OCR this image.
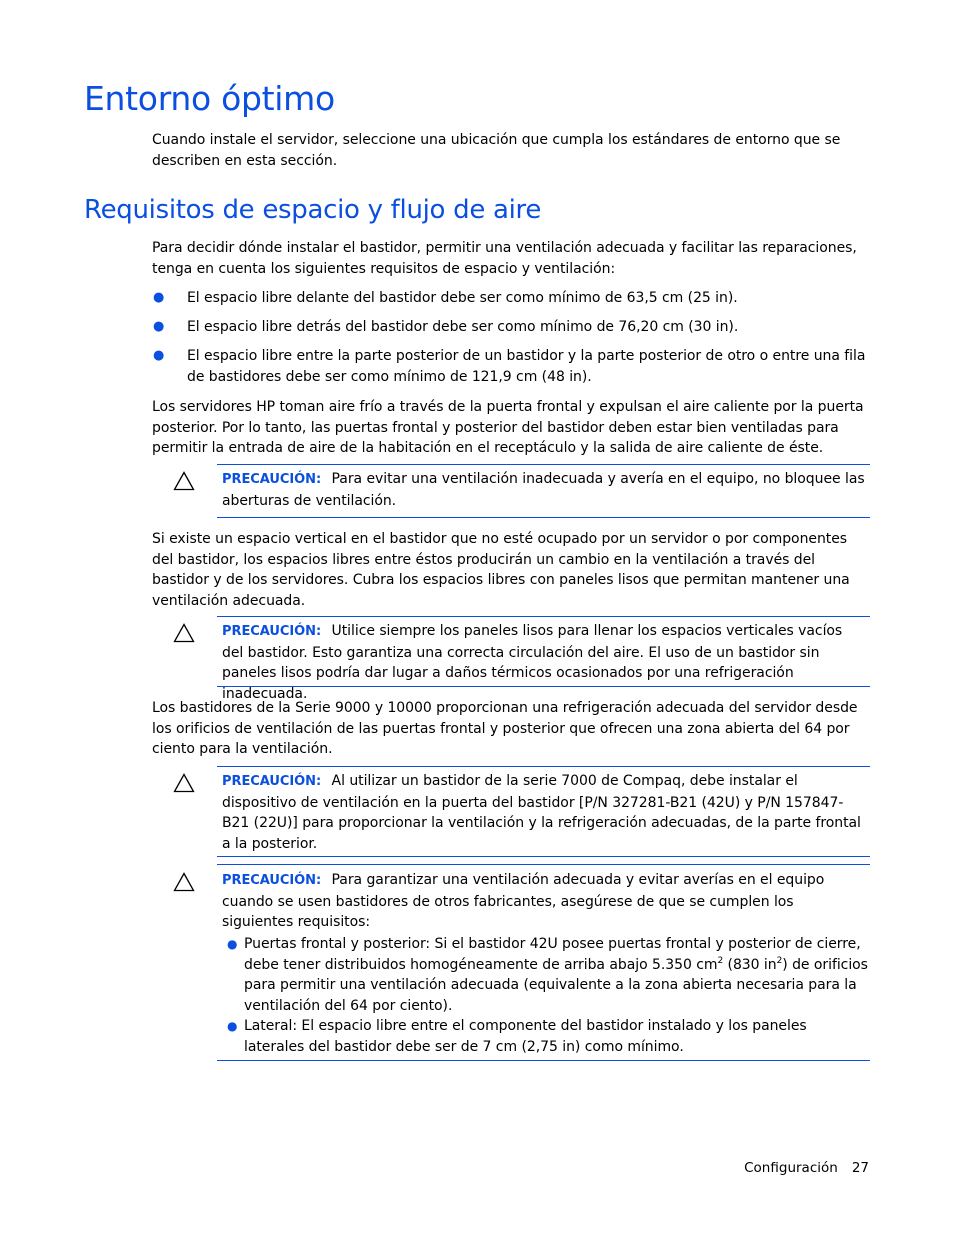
Entorno óptimo

Cuando instale el servidor, seleccione una ubicación que cumpla los estándares de entorno que se describen en esta sección.

Requisitos de espacio y flujo de aire

Para decidir dónde instalar el bastidor, permitir una ventilación adecuada y facilitar las reparaciones, tenga en cuenta los siguientes requisitos de espacio y ventilación:

● El espacio libre delante del bastidor debe ser como mínimo de 63,5 cm (25 in).
● El espacio libre detrás del bastidor debe ser como mínimo de 76,20 cm (30 in).
● El espacio libre entre la parte posterior de un bastidor y la parte posterior de otro o entre una fila de bastidores debe ser como mínimo de 121,9 cm (48 in).

Los servidores HP toman aire frío a través de la puerta frontal y expulsan el aire caliente por la puerta posterior. Por lo tanto, las puertas frontal y posterior del bastidor deben estar bien ventiladas para permitir la entrada de aire de la habitación en el receptáculo y la salida de aire caliente de éste.

PRECAUCIÓN: Para evitar una ventilación inadecuada y avería en el equipo, no bloquee las aberturas de ventilación.

Si existe un espacio vertical en el bastidor que no esté ocupado por un servidor o por componentes del bastidor, los espacios libres entre éstos producirán un cambio en la ventilación a través del bastidor y de los servidores. Cubra los espacios libres con paneles lisos que permitan mantener una ventilación adecuada.

PRECAUCIÓN: Utilice siempre los paneles lisos para llenar los espacios verticales vacíos del bastidor. Esto garantiza una correcta circulación del aire. El uso de un bastidor sin paneles lisos podría dar lugar a daños térmicos ocasionados por una refrigeración inadecuada.

Los bastidores de la Serie 9000 y 10000 proporcionan una refrigeración adecuada del servidor desde los orificios de ventilación de las puertas frontal y posterior que ofrecen una zona abierta del 64 por ciento para la ventilación.

PRECAUCIÓN: Al utilizar un bastidor de la serie 7000 de Compaq, debe instalar el dispositivo de ventilación en la puerta del bastidor [P/N 327281-B21 (42U) y P/N 157847-B21 (22U)] para proporcionar la ventilación y la refrigeración adecuadas, de la parte frontal a la posterior.
PRECAUCIÓN: Para garantizar una ventilación adecuada y evitar averías en el equipo cuando se usen bastidores de otros fabricantes, asegúrese de que se cumplen los siguientes requisitos:
● Puertas frontal y posterior: Si el bastidor 42U posee puertas frontal y posterior de cierre, debe tener distribuidos homogéneamente de arriba abajo 5.350 $cm^2$ (830 $in^2$) de orificios para permitir una ventilación adecuada (equivalente a la zona abierta necesaria para la ventilación del 64 por ciento).
● Lateral: El espacio libre entre el componente del bastidor instalado y los paneles laterales del bastidor debe ser de 7 cm (2,75 in) como mínimo.
Configuración 27
